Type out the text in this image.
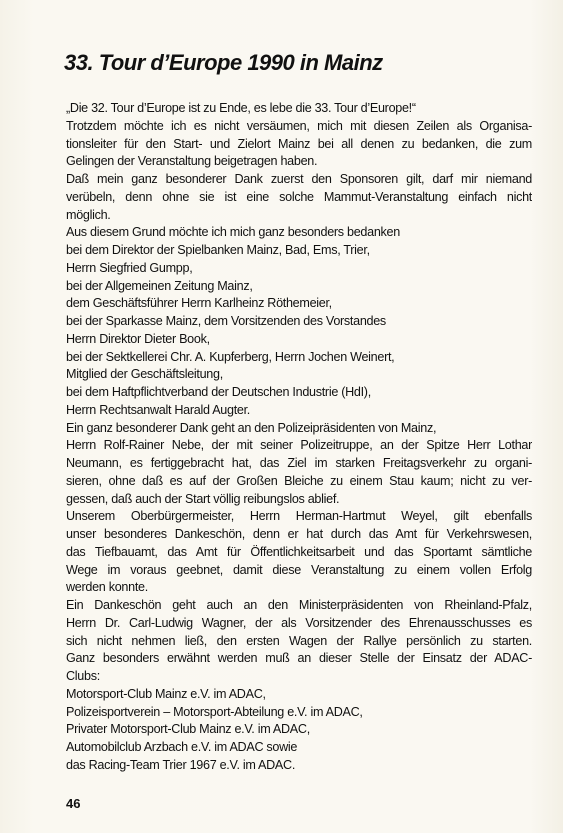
33. Tour d’Europe 1990 in Mainz
„Die 32. Tour d’Europe ist zu Ende, es lebe die 33. Tour d’Europe!“
Trotzdem möchte ich es nicht versäumen, mich mit diesen Zeilen als Organisa-
tionsleiter für den Start- und Zielort Mainz bei all denen zu bedanken, die zum
Gelingen der Veranstaltung beigetragen haben.
Daß mein ganz besonderer Dank zuerst den Sponsoren gilt, darf mir niemand
verübeln, denn ohne sie ist eine solche Mammut-Veranstaltung einfach nicht
möglich.
Aus diesem Grund möchte ich mich ganz besonders bedanken
bei dem Direktor der Spielbanken Mainz, Bad, Ems, Trier,
Herrn Siegfried Gumpp,
bei der Allgemeinen Zeitung Mainz,
dem Geschäftsführer Herrn Karlheinz Röthemeier,
bei der Sparkasse Mainz, dem Vorsitzenden des Vorstandes
Herrn Direktor Dieter Book,
bei der Sektkellerei Chr. A. Kupferberg, Herrn Jochen Weinert,
Mitglied der Geschäftsleitung,
bei dem Haftpflichtverband der Deutschen Industrie (HdI),
Herrn Rechtsanwalt Harald Augter.
Ein ganz besonderer Dank geht an den Polizeipräsidenten von Mainz,
Herrn Rolf-Rainer Nebe, der mit seiner Polizeitruppe, an der Spitze Herr Lothar
Neumann, es fertiggebracht hat, das Ziel im starken Freitagsverkehr zu organi-
sieren, ohne daß es auf der Großen Bleiche zu einem Stau kaum; nicht zu ver-
gessen, daß auch der Start völlig reibungslos ablief.
Unserem Oberbürgermeister, Herrn Herman-Hartmut Weyel, gilt ebenfalls
unser besonderes Dankeschön, denn er hat durch das Amt für Verkehrswesen,
das Tiefbauamt, das Amt für Öffentlichkeitsarbeit und das Sportamt sämtliche
Wege im voraus geebnet, damit diese Veranstaltung zu einem vollen Erfolg
werden konnte.
Ein Dankeschön geht auch an den Ministerpräsidenten von Rheinland-Pfalz,
Herrn Dr. Carl-Ludwig Wagner, der als Vorsitzender des Ehrenausschusses es
sich nicht nehmen ließ, den ersten Wagen der Rallye persönlich zu starten.
Ganz besonders erwähnt werden muß an dieser Stelle der Einsatz der ADAC-
Clubs:
Motorsport-Club Mainz e.V. im ADAC,
Polizeisportverein – Motorsport-Abteilung e.V. im ADAC,
Privater Motorsport-Club Mainz e.V. im ADAC,
Automobilclub Arzbach e.V. im ADAC sowie
das Racing-Team Trier 1967 e.V. im ADAC.
46
